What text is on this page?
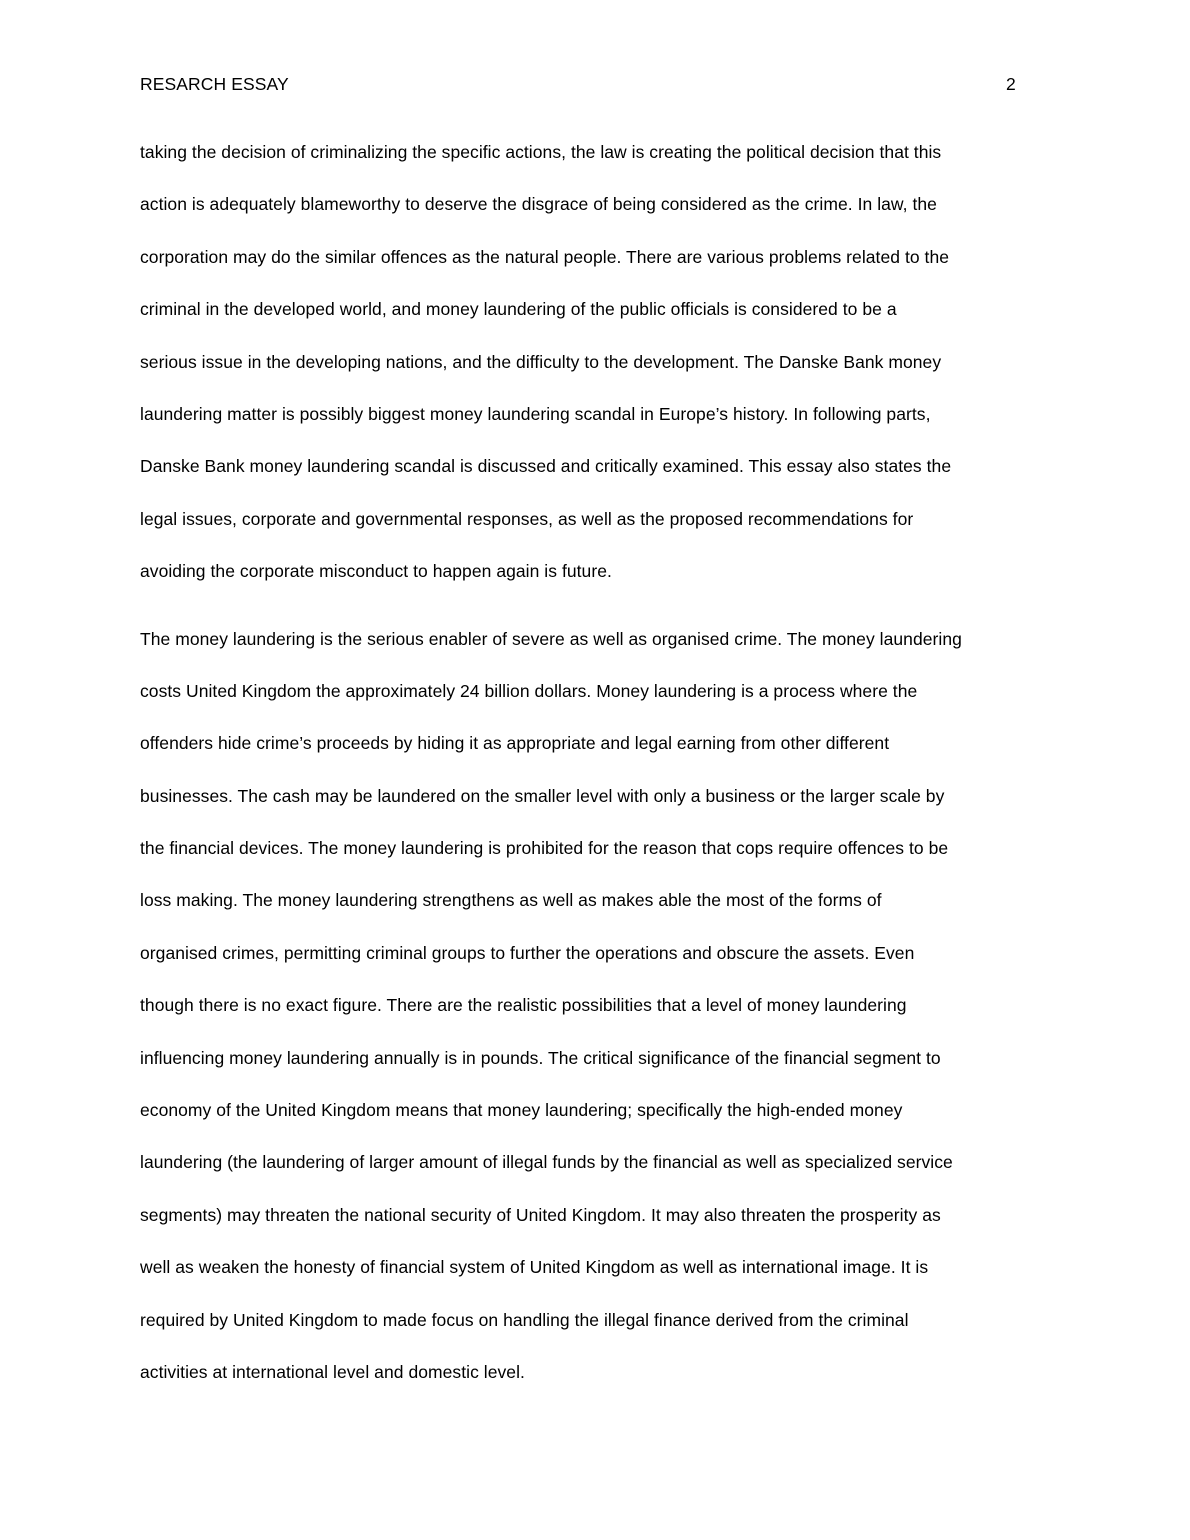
RESARCH ESSAY	2

taking the decision of criminalizing the specific actions, the law is creating the political decision that this
action is adequately blameworthy to deserve the disgrace of being considered as the crime. In law, the
corporation may do the similar offences as the natural people. There are various problems related to the
criminal in the developed world, and money laundering of the public officials is considered to be a
serious issue in the developing nations, and the difficulty to the development. The Danske Bank money
laundering matter is possibly biggest money laundering scandal in Europe’s history. In following parts,
Danske Bank money laundering scandal is discussed and critically examined. This essay also states the
legal issues, corporate and governmental responses, as well as the proposed recommendations for
avoiding the corporate misconduct to happen again is future.

The money laundering is the serious enabler of severe as well as organised crime. The money laundering
costs United Kingdom the approximately 24 billion dollars. Money laundering is a process where the
offenders hide crime’s proceeds by hiding it as appropriate and legal earning from other different
businesses. The cash may be laundered on the smaller level with only a business or the larger scale by
the financial devices. The money laundering is prohibited for the reason that cops require offences to be
loss making. The money laundering strengthens as well as makes able the most of the forms of
organised crimes, permitting criminal groups to further the operations and obscure the assets. Even
though there is no exact figure. There are the realistic possibilities that a level of money laundering
influencing money laundering annually is in pounds. The critical significance of the financial segment to
economy of the United Kingdom means that money laundering; specifically the high-ended money
laundering (the laundering of larger amount of illegal funds by the financial as well as specialized service
segments) may threaten the national security of United Kingdom. It may also threaten the prosperity as
well as weaken the honesty of financial system of United Kingdom as well as international image. It is
required by United Kingdom to made focus on handling the illegal finance derived from the criminal
activities at international level and domestic level.
